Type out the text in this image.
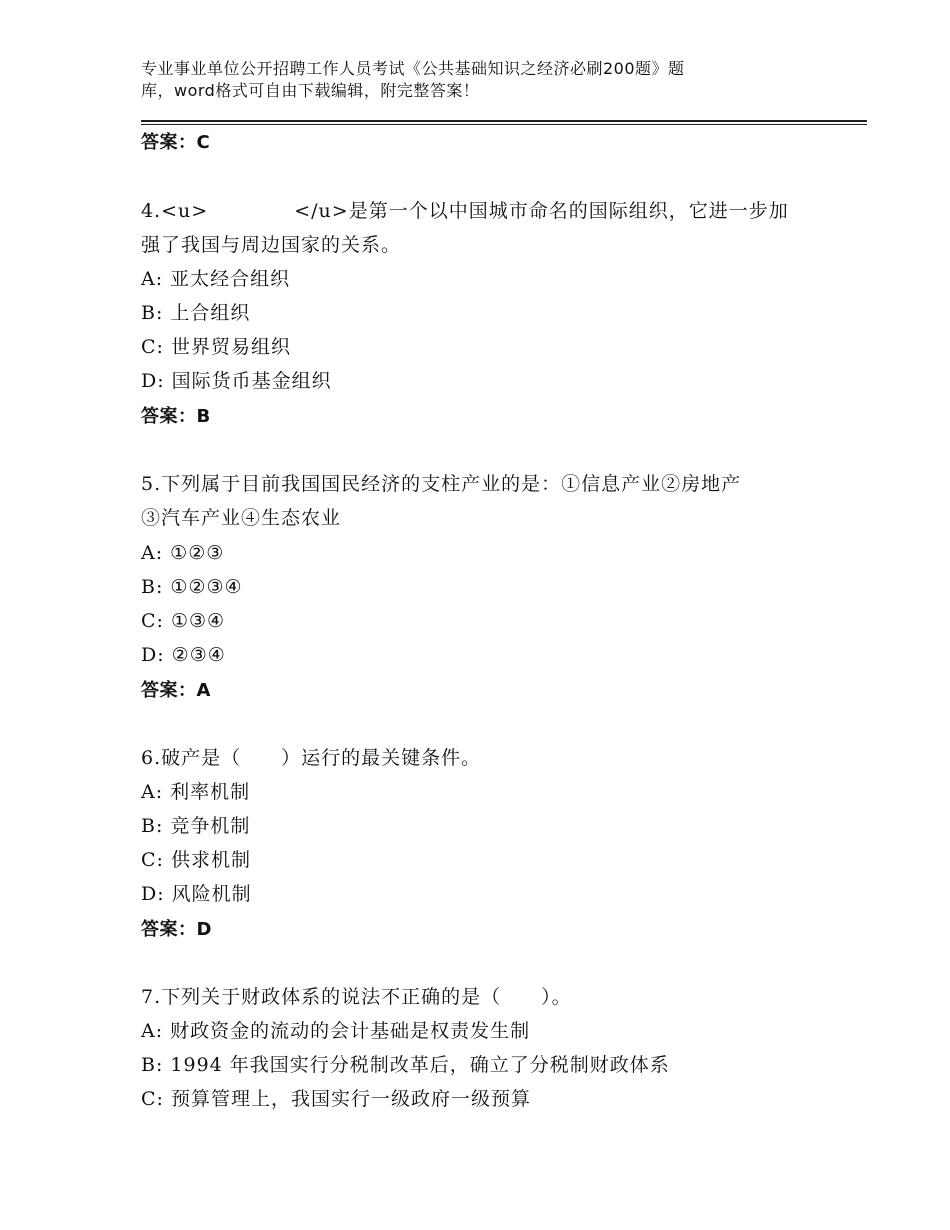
专业事业单位公开招聘工作人员考试《公共基础知识之经济必刷200题》题
库，word格式可自由下载编辑，附完整答案！
答案：C
4.<u>	</u>是第一个以中国城市命名的国际组织，它进一步加
强了我国与周边国家的关系。
A: 亚太经合组织
B: 上合组织
C: 世界贸易组织
D: 国际货币基金组织
答案：B
5.下列属于目前我国国民经济的支柱产业的是：①信息产业②房地产
③汽车产业④生态农业
A: ①②③
B: ①②③④
C: ①③④
D: ②③④
答案：A
6.破产是（　　）运行的最关键条件。
A: 利率机制
B: 竞争机制
C: 供求机制
D: 风险机制
答案：D
7.下列关于财政体系的说法不正确的是（　　）。
A: 财政资金的流动的会计基础是权责发生制
B: 1994 年我国实行分税制改革后，确立了分税制财政体系
C: 预算管理上，我国实行一级政府一级预算
